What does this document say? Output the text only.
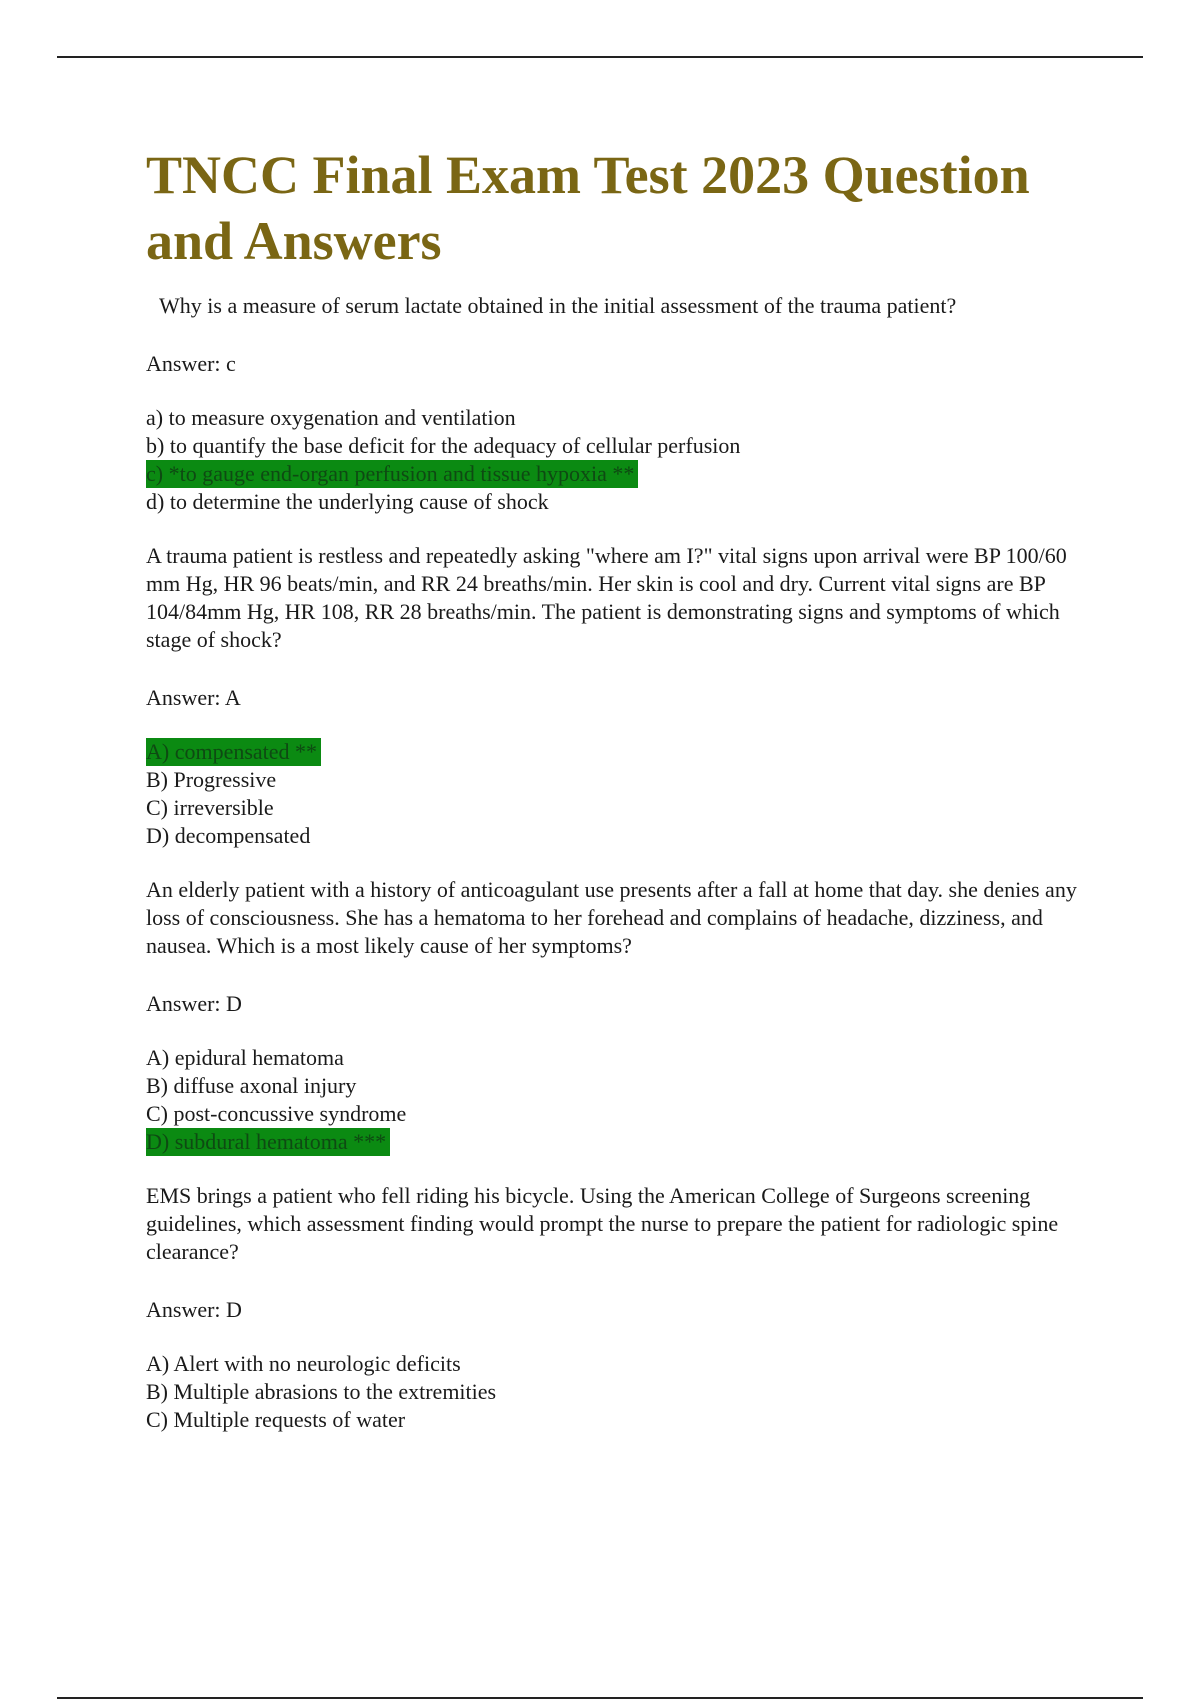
TNCC Final Exam Test 2023 Question and Answers

Why is a measure of serum lactate obtained in the initial assessment of the trauma patient?

Answer: c

a) to measure oxygenation and ventilation
b) to quantify the base deficit for the adequacy of cellular perfusion
c) *to gauge end-organ perfusion and tissue hypoxia **
d) to determine the underlying cause of shock

A trauma patient is restless and repeatedly asking "where am I?" vital signs upon arrival were BP 100/60 mm Hg, HR 96 beats/min, and RR 24 breaths/min. Her skin is cool and dry. Current vital signs are BP 104/84mm Hg, HR 108, RR 28 breaths/min. The patient is demonstrating signs and symptoms of which stage of shock?

Answer: A

A) compensated **
B) Progressive
C) irreversible
D) decompensated

An elderly patient with a history of anticoagulant use presents after a fall at home that day. she denies any loss of consciousness. She has a hematoma to her forehead and complains of headache, dizziness, and nausea. Which is a most likely cause of her symptoms?

Answer: D

A) epidural hematoma
B) diffuse axonal injury
C) post-concussive syndrome
D) subdural hematoma ***

EMS brings a patient who fell riding his bicycle. Using the American College of Surgeons screening guidelines, which assessment finding would prompt the nurse to prepare the patient for radiologic spine clearance?

Answer: D

A) Alert with no neurologic deficits
B) Multiple abrasions to the extremities
C) Multiple requests of water
